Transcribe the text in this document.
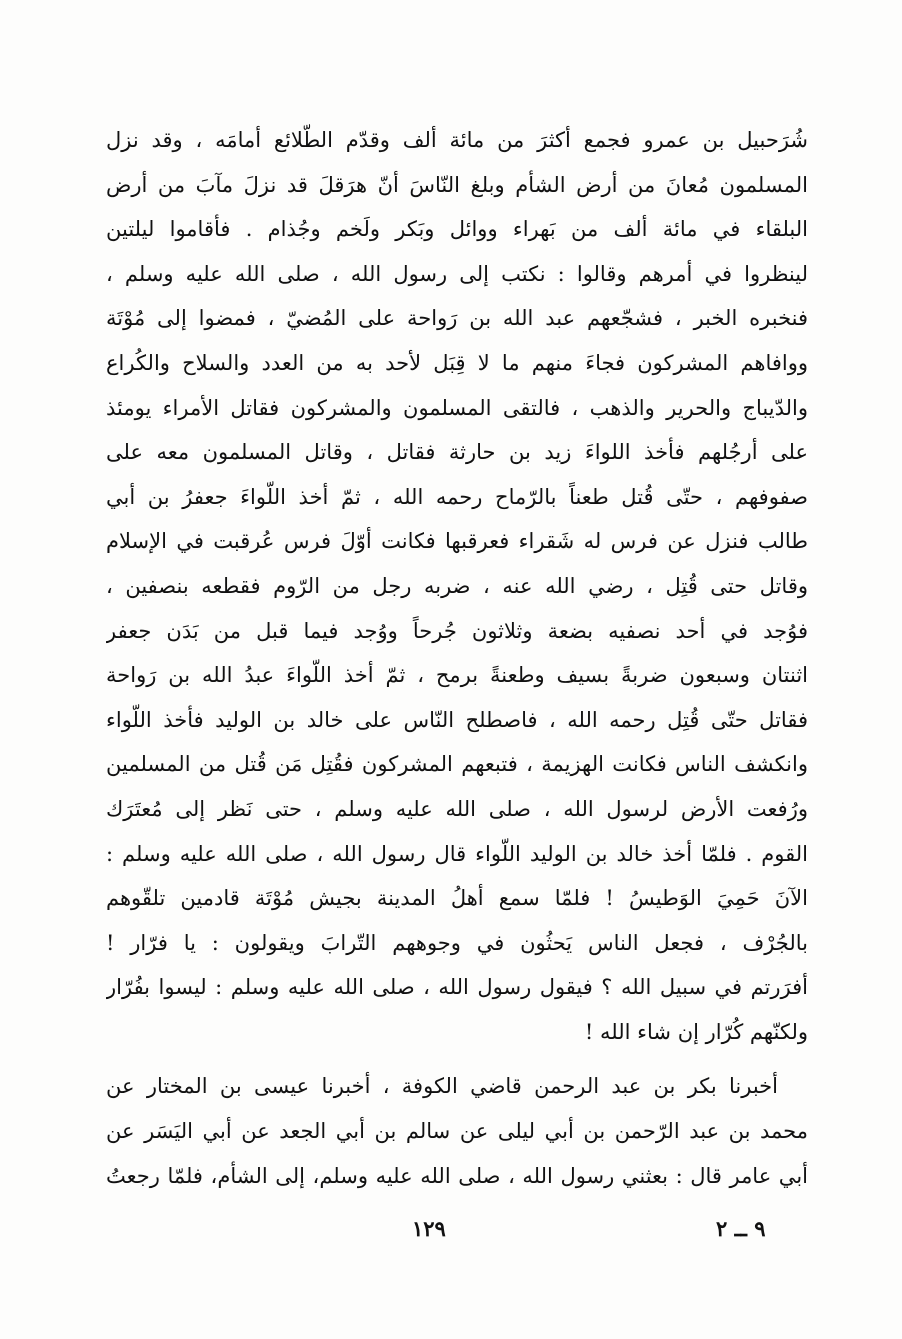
شُرَحبيل بن عمرو فجمع أكثرَ من مائة ألف وقدّم الطّلائع أمامَه ، وقد نزل
المسلمون مُعانَ من أرض الشأم وبلغ النّاسَ أنّ هرَقلَ قد نزلَ مآبَ من أرض
البلقاء في مائة ألف من بَهراء ووائل وبَكر ولَخم وجُذام . فأقاموا ليلتين
لينظروا في أمرهم وقالوا : نكتب إلى رسول الله ، صلى الله عليه وسلم ،
فنخبره الخبر ، فشجّعهم عبد الله بن رَواحة على المُضيّ ، فمضوا إلى مُوْتَة
ووافاهم المشركون فجاءَ منهم ما لا قِبَل لأحد به من العدد والسلاح والكُراع
والدّيباج والحرير والذهب ، فالتقى المسلمون والمشركون فقاتل الأمراء يومئذ
على أرجُلهم فأخذ اللواءَ زيد بن حارثة فقاتل ، وقاتل المسلمون معه على
صفوفهم ، حتّى قُتل طعناً بالرّماح رحمه الله ، ثمّ أخذ اللّواءَ جعفرُ بن أبي
طالب فنزل عن فرس له شَقراء فعرقبها فكانت أوّلَ فرس عُرقبت في الإسلام
وقاتل حتى قُتِل ، رضي الله عنه ، ضربه رجل من الرّوم فقطعه بنصفين ،
فوُجد في أحد نصفيه بضعة وثلاثون جُرحاً ووُجد فيما قبل من بَدَن جعفر
اثنتان وسبعون ضربةً بسيف وطعنةً برمح ، ثمّ أخذ اللّواءَ عبدُ الله بن رَواحة
فقاتل حتّى قُتِل رحمه الله ، فاصطلح النّاس على خالد بن الوليد فأخذ اللّواء
وانكشف الناس فكانت الهزيمة ، فتبعهم المشركون فقُتِل مَن قُتل من المسلمين
ورُفعت الأرض لرسول الله ، صلى الله عليه وسلم ، حتى نَظر إلى مُعتَرَك
القوم . فلمّا أخذ خالد بن الوليد اللّواء قال رسول الله ، صلى الله عليه وسلم :
الآنَ حَمِيَ الوَطيسُ ! فلمّا سمع أهلُ المدينة بجيش مُوْتَة قادمين تلقّوهم
بالجُرْف ، فجعل الناس يَحثُون في وجوههم التّرابَ ويقولون : يا فرّار !
أفرَرتم في سبيل الله ؟ فيقول رسول الله ، صلى الله عليه وسلم : ليسوا بفُرّار
ولكنّهم كُرّار إن شاء الله !
أخبرنا بكر بن عبد الرحمن قاضي الكوفة ، أخبرنا عيسى بن المختار عن
محمد بن عبد الرّحمن بن أبي ليلى عن سالم بن أبي الجعد عن أبي اليَسَر عن
أبي عامر قال : بعثني رسول الله ، صلى الله عليه وسلم، إلى الشأم، فلمّا رجعتُ
١٢٩	٩ ــ ٢
